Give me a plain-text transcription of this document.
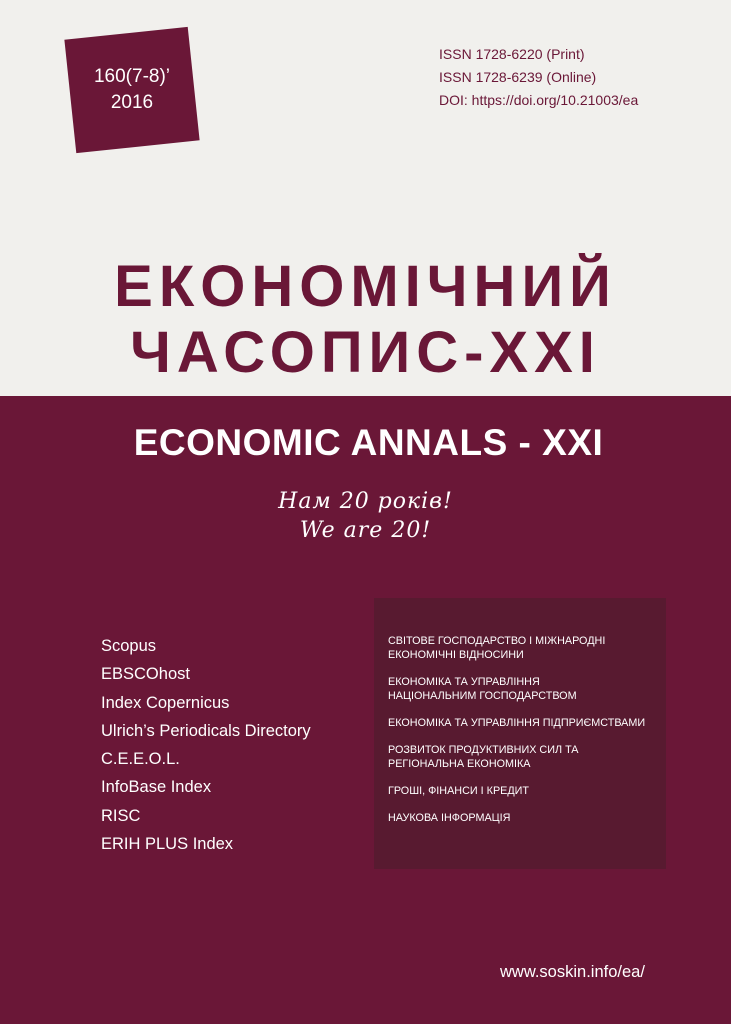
160(7-8)’
2016
ISSN 1728-6220 (Print)
ISSN 1728-6239 (Online)
DOI: https://doi.org/10.21003/ea
ЕКОНОМІЧНИЙ
ЧАСОПИС-XXI
ECONOMIC ANNALS - XXI
Нам 20 років!
We are 20!
Scopus
EBSCOhost
Index Copernicus
Ulrich’s Periodicals Directory
C.E.E.O.L.
InfoBase Index
RISC
ERIH PLUS Index
СВІТОВЕ ГОСПОДАРСТВО І МІЖНАРОДНІ
ЕКОНОМІЧНІ ВІДНОСИНИ
ЕКОНОМІКА ТА УПРАВЛІННЯ
НАЦІОНАЛЬНИМ ГОСПОДАРСТВОМ
ЕКОНОМІКА ТА УПРАВЛІННЯ ПІДПРИЄМСТВАМИ
РОЗВИТОК ПРОДУКТИВНИХ СИЛ ТА
РЕГІОНАЛЬНА ЕКОНОМІКА
ГРОШІ, ФІНАНСИ І КРЕДИТ
НАУКОВА ІНФОРМАЦІЯ
www.soskin.info/ea/
